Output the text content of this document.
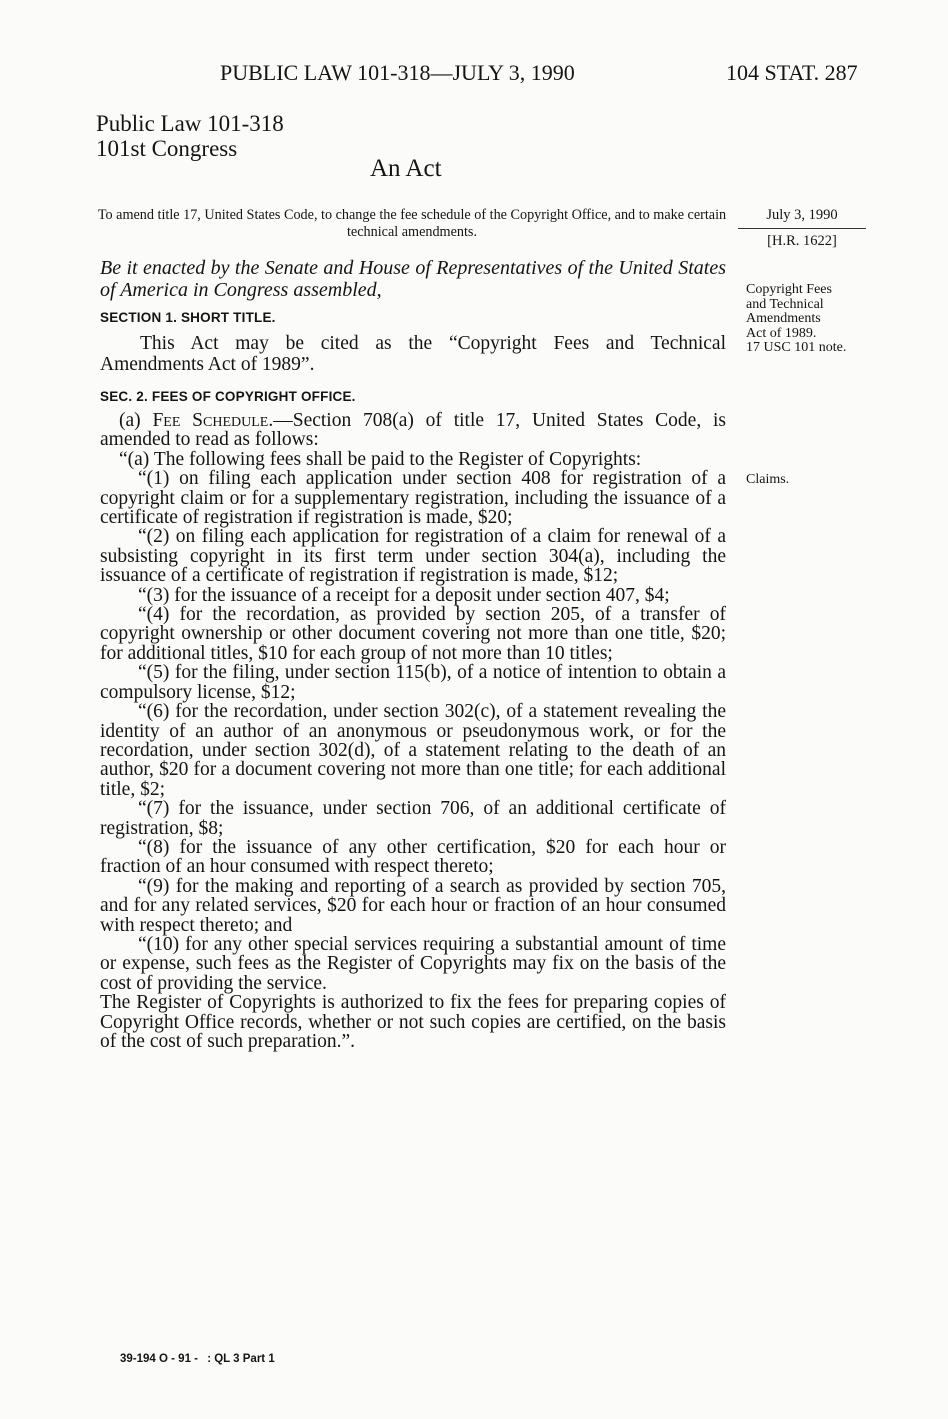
PUBLIC LAW 101-318—JULY 3, 1990	104 STAT. 287
Public Law 101-318
101st Congress
An Act
To amend title 17, United States Code, to change the fee schedule of the Copyright Office, and to make certain technical amendments.
July 3, 1990
[H.R. 1622]
Be it enacted by the Senate and House of Representatives of the United States of America in Congress assembled,	Copyright Fees
and Technical
Amendments
Act of 1989.
17 USC 101 note.
SECTION 1. SHORT TITLE.
This Act may be cited as the “Copyright Fees and Technical
Amendments Act of 1989”.
SEC. 2. FEES OF COPYRIGHT OFFICE.

(a) Fee Schedule.—Section 708(a) of title 17, United States Code, is amended to read as follows:

“(a) The following fees shall be paid to the Register of Copyrights:

“(1) on filing each application under section 408 for registration of a copyright claim or for a supplementary registration, including the issuance of a certificate of registration if registration is made, $20;

“(2) on filing each application for registration of a claim for renewal of a subsisting copyright in its first term under section 304(a), including the issuance of a certificate of registration if registration is made, $12;

“(3) for the issuance of a receipt for a deposit under section 407, $4;

“(4) for the recordation, as provided by section 205, of a transfer of copyright ownership or other document covering not more than one title, $20; for additional titles, $10 for each group of not more than 10 titles;

“(5) for the filing, under section 115(b), of a notice of intention to obtain a compulsory license, $12;

“(6) for the recordation, under section 302(c), of a statement revealing the identity of an author of an anonymous or pseudonymous work, or for the recordation, under section 302(d), of a statement relating to the death of an author, $20 for a document covering not more than one title; for each additional title, $2;

“(7) for the issuance, under section 706, of an additional certificate of registration, $8;

“(8) for the issuance of any other certification, $20 for each hour or fraction of an hour consumed with respect thereto;

“(9) for the making and reporting of a search as provided by section 705, and for any related services, $20 for each hour or fraction of an hour consumed with respect thereto; and

“(10) for any other special services requiring a substantial amount of time or expense, such fees as the Register of Copyrights may fix on the basis of the cost of providing the service.

The Register of Copyrights is authorized to fix the fees for preparing copies of Copyright Office records, whether or not such copies are certified, on the basis of the cost of such preparation.”.

Claims.
39-194 O - 91 - : QL 3 Part 1
